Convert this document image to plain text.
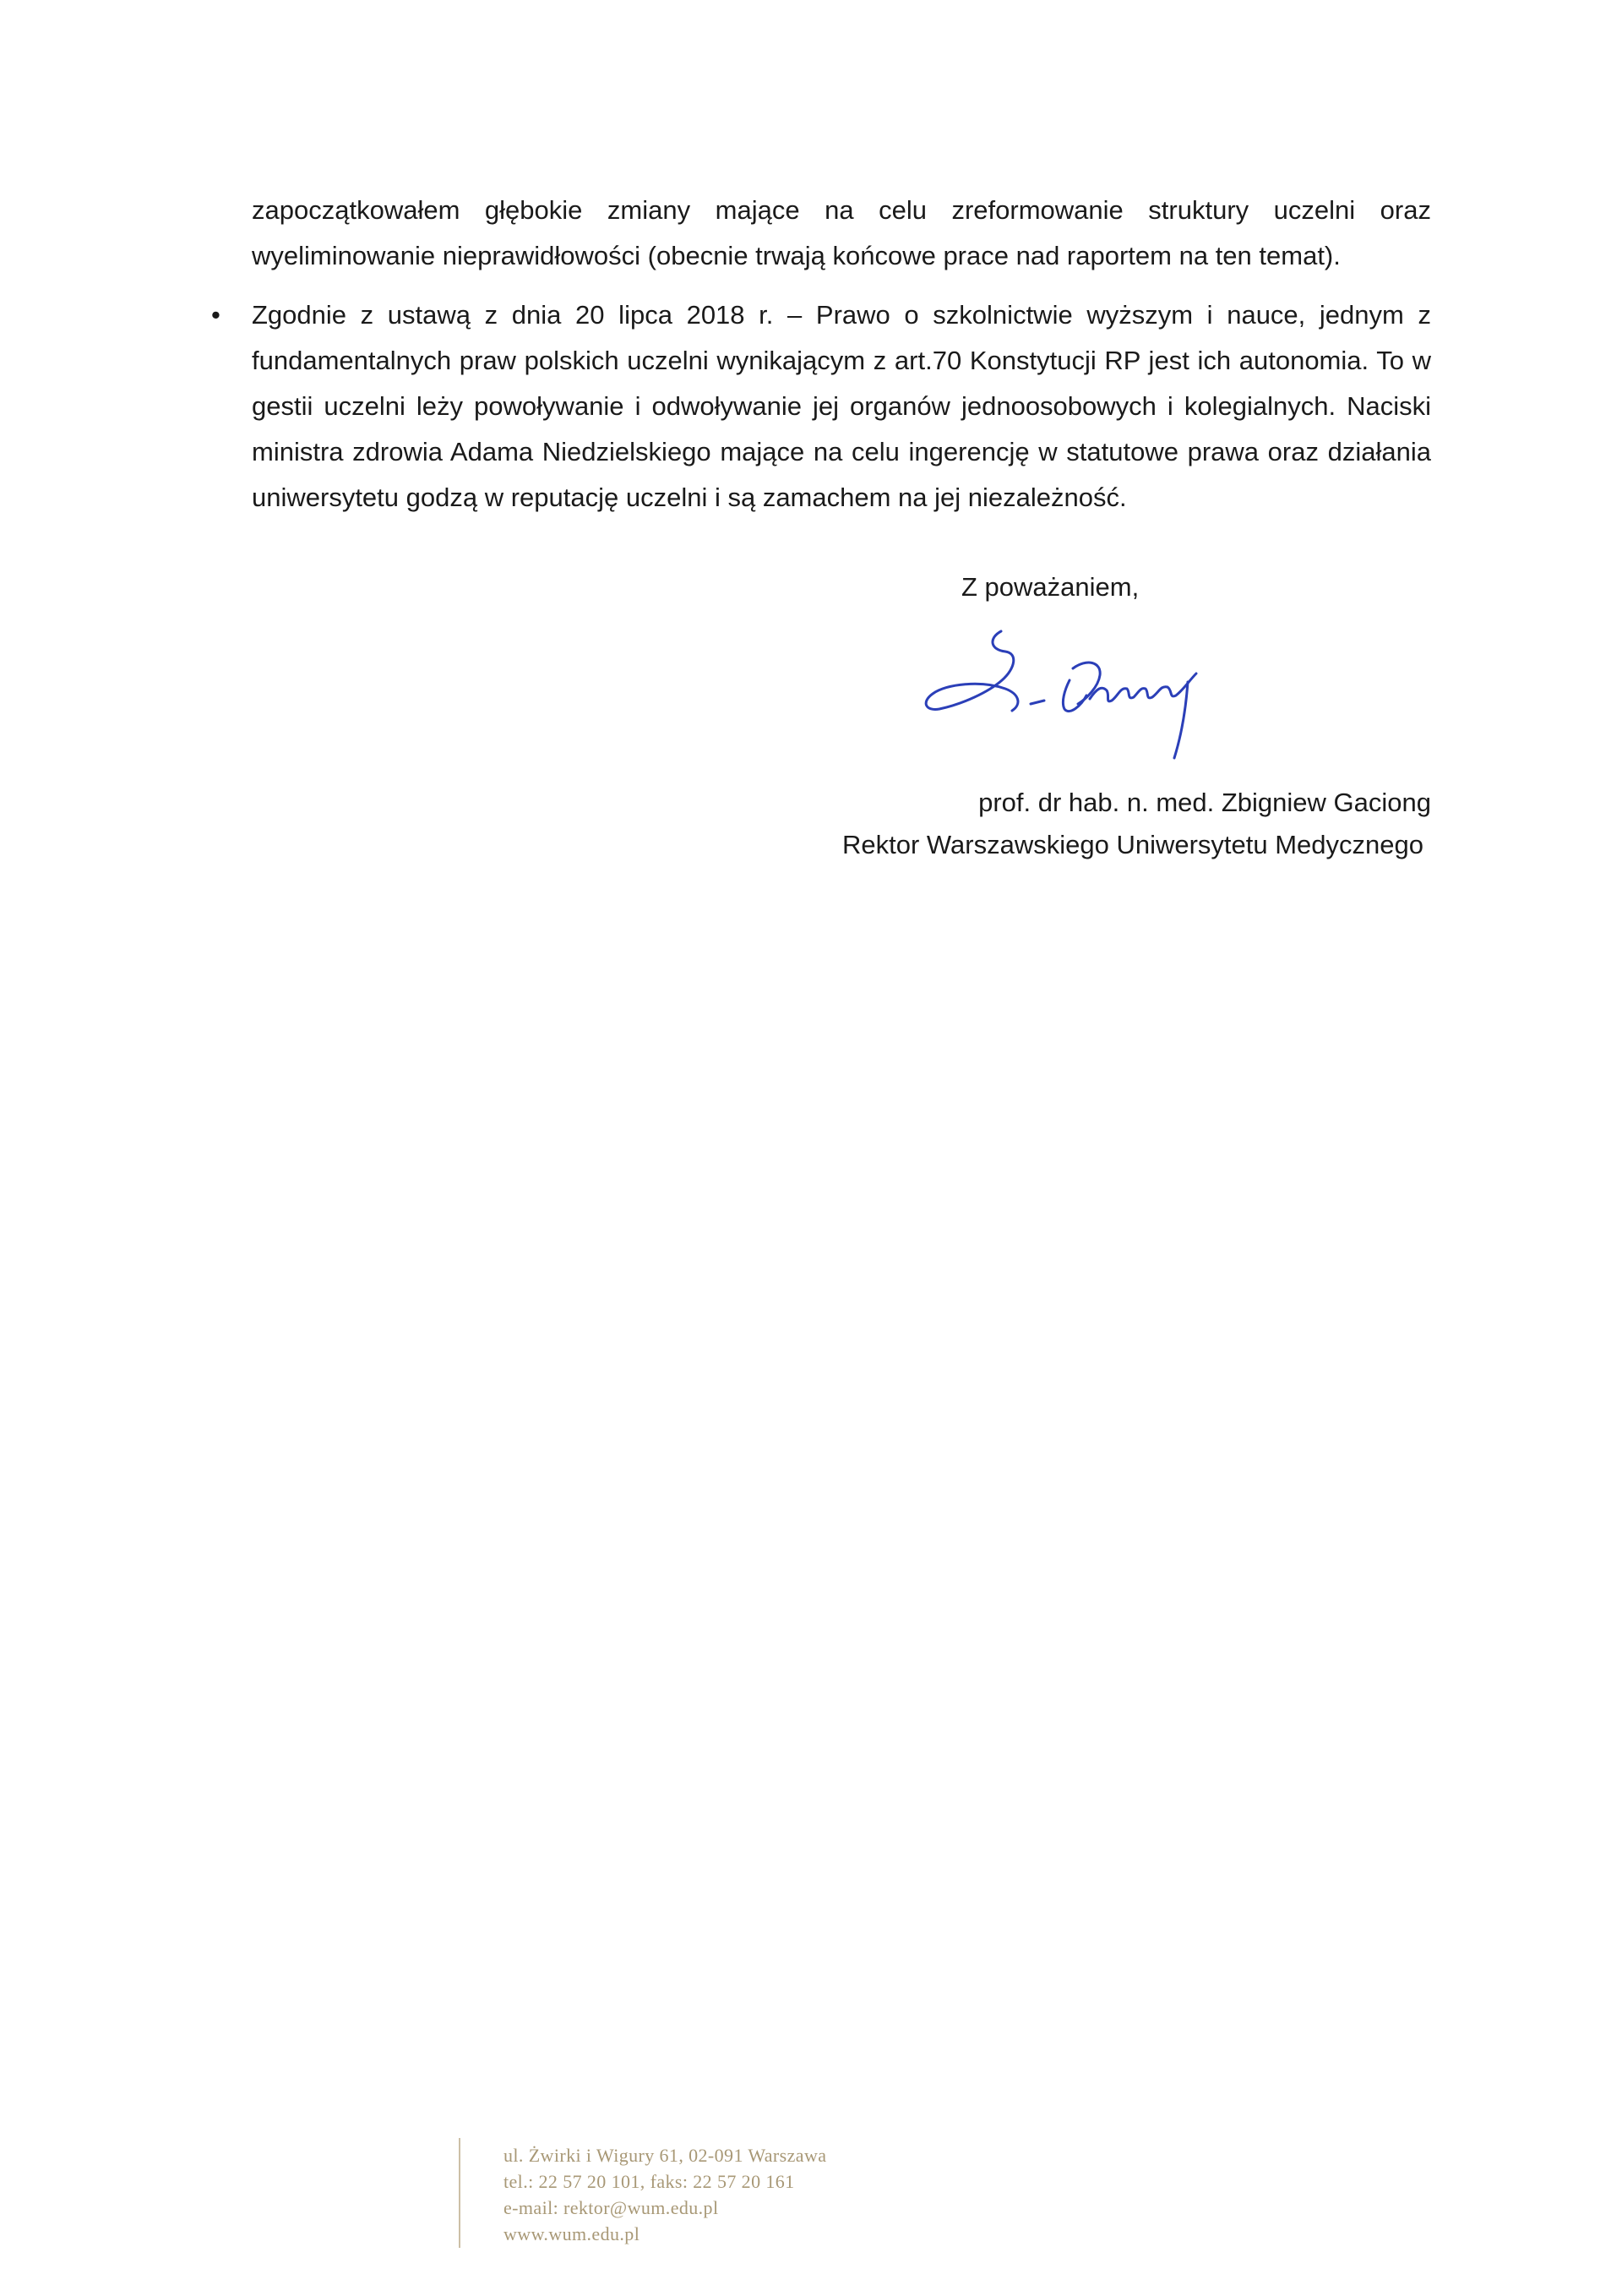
zapoczątkowałem głębokie zmiany mające na celu zreformowanie struktury uczelni oraz wyeliminowanie nieprawidłowości (obecnie trwają końcowe prace nad raportem na ten temat).
• Zgodnie z ustawą z dnia 20 lipca 2018 r. – Prawo o szkolnictwie wyższym i nauce, jednym z fundamentalnych praw polskich uczelni wynikającym z art.70 Konstytucji RP jest ich autonomia. To w gestii uczelni leży powoływanie i odwoływanie jej organów jednoosobowych i kolegialnych. Naciski ministra zdrowia Adama Niedzielskiego mające na celu ingerencję w statutowe prawa oraz działania uniwersytetu godzą w reputację uczelni i są zamachem na jej niezależność.
Z poważaniem,
prof. dr hab. n. med. Zbigniew Gaciong
Rektor Warszawskiego Uniwersytetu Medycznego
ul. Żwirki i Wigury 61, 02-091 Warszawa
tel.: 22 57 20 101, faks: 22 57 20 161
e-mail: rektor@wum.edu.pl
www.wum.edu.pl
